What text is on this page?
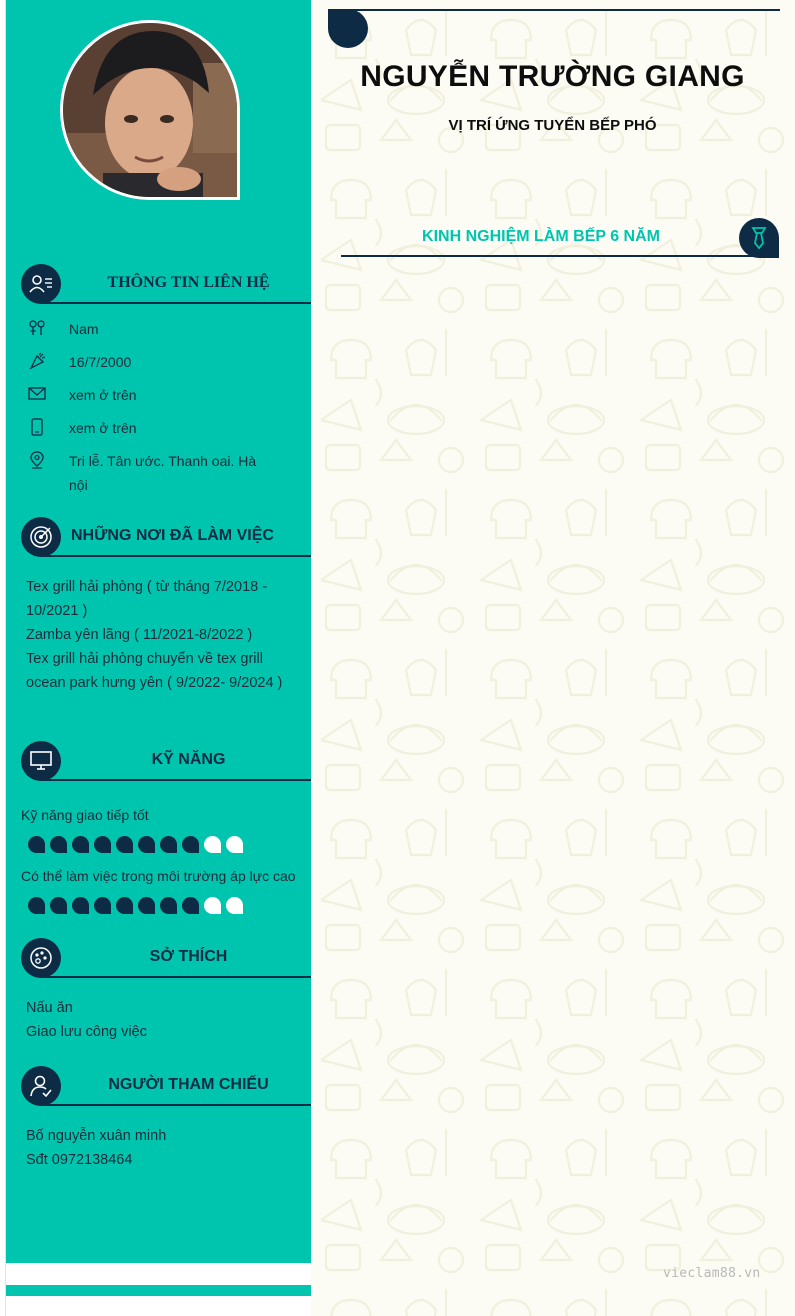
THÔNG TIN LIÊN HỆ
Nam
16/7/2000
xem ở trên
xem ở trên
Tri lễ. Tân ước. Thanh oai. Hà nội
NHỮNG NƠI ĐÃ LÀM VIỆC
Tex grill hải phòng ( từ tháng 7/2018 - 10/2021 )
Zamba yên lãng ( 11/2021-8/2022 )
Tex grill hải phòng chuyển về tex grill ocean park hưng yên ( 9/2022- 9/2024 )
KỸ NĂNG
Kỹ năng giao tiếp tốt
Có thể làm việc trong môi trường áp lực cao
SỞ THÍCH
Nấu ăn
Giao lưu công việc
NGƯỜI THAM CHIẾU
Bố nguyễn xuân minh
Sđt 0972138464
NGUYỄN TRƯỜNG GIANG
VỊ TRÍ ỨNG TUYỂN BẾP PHÓ
KINH NGHIỆM LÀM BẾP 6 NĂM
vieclam88.vn
